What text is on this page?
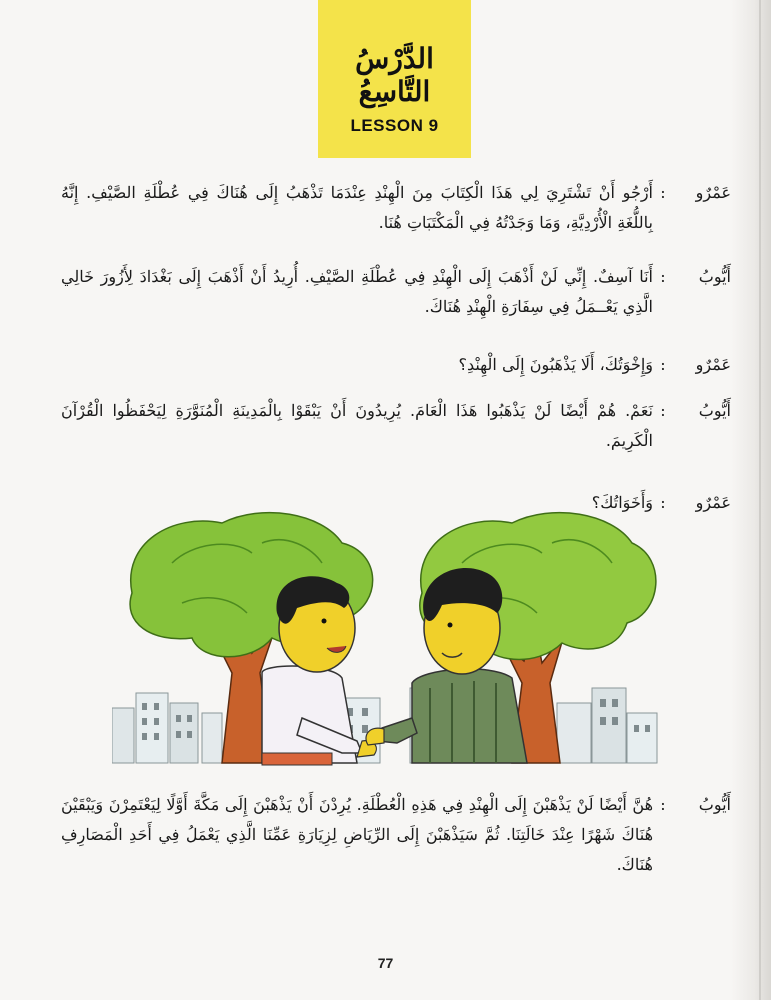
الدَّرْسُ التَّاسِعُ
LESSON 9
عَمْرٌو
:
أَرْجُو أَنْ تَشْتَرِيَ لِي هَذَا الْكِتَابَ مِنَ الْهِنْدِ عِنْدَمَا تَذْهَبُ إِلَى هُنَاكَ فِي عُطْلَةِ الصَّيْفِ. إِنَّهُ بِاللُّغَةِ الْأُرْدِيَّةِ، وَمَا وَجَدْتُهُ فِي الْمَكْتَبَاتِ هُنَا.
أَيُّوبُ
:
أَنَا آسِفٌ. إِنِّي لَنْ أَذْهَبَ إِلَى الْهِنْدِ فِي عُطْلَةِ الصَّيْفِ. أُرِيدُ أَنْ أَذْهَبَ إِلَى بَغْدَادَ لِأَزُورَ خَالِي الَّذِي يَعْــمَلُ فِي سِفَارَةِ الْهِنْدِ هُنَاكَ.
عَمْرٌو
:
وَإِخْوَتُكَ، أَلَا يَذْهَبُونَ إِلَى الْهِنْدِ؟
أَيُّوبُ
:
نَعَمْ. هُمْ أَيْضًا لَنْ يَذْهَبُوا هَذَا الْعَامَ. يُرِيدُونَ أَنْ يَبْقَوْا بِالْمَدِينَةِ الْمُنَوَّرَةِ لِيَحْفَظُوا الْقُرْآنَ الْكَرِيمَ.
عَمْرٌو
:
وَأَخَوَاتُكَ؟
أَيُّوبُ
:
هُنَّ أَيْضًا لَنْ يَذْهَبْنَ إِلَى الْهِنْدِ فِي هَذِهِ الْعُطْلَةِ. يُرِدْنَ أَنْ يَذْهَبْنَ إِلَى مَكَّةَ أَوَّلًا لِيَعْتَمِرْنَ وَيَبْقَيْنَ هُنَاكَ شَهْرًا عِنْدَ خَالَتِنَا. ثُمَّ سَيَذْهَبْنَ إِلَى الرِّيَاضِ لِزِيَارَةِ عَمِّنَا الَّذِي يَعْمَلُ فِي أَحَدِ الْمَصَارِفِ هُنَاكَ.
77
